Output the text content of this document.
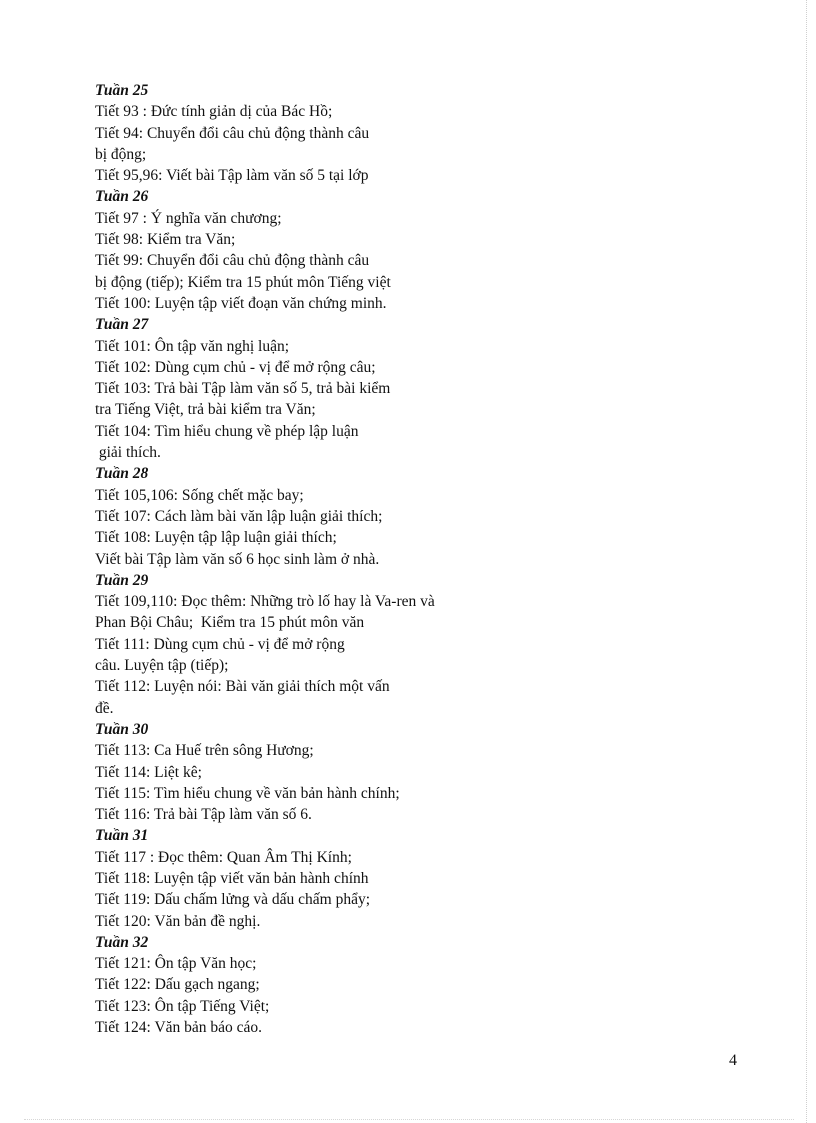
Tuần 25
Tiết 93 : Đức tính giản dị của Bác Hồ;
Tiết 94: Chuyển đổi câu chủ động thành câu
bị động;
Tiết 95,96: Viết bài Tập làm văn số 5 tại lớp
Tuần 26
Tiết 97 : Ý nghĩa văn chương;
Tiết 98: Kiểm tra Văn;
Tiết 99: Chuyển đổi câu chủ động thành câu
bị động (tiếp); Kiểm tra 15 phút môn Tiếng việt
Tiết 100: Luyện tập viết đoạn văn chứng minh.
Tuần 27
Tiết 101: Ôn tập văn nghị luận;
Tiết 102: Dùng cụm chủ - vị để mở rộng câu;
Tiết 103: Trả bài Tập làm văn số 5, trả bài kiểm
tra Tiếng Việt, trả bài kiểm tra Văn;
Tiết 104: Tìm hiểu chung về phép lập luận
giải thích.
Tuần 28
Tiết 105,106: Sống chết mặc bay;
Tiết 107: Cách làm bài văn lập luận giải thích;
Tiết 108: Luyện tập lập luận giải thích;
Viết bài Tập làm văn số 6 học sinh làm ở nhà.
Tuần 29
Tiết 109,110: Đọc thêm: Những trò lố hay là Va-ren và
Phan Bội Châu;  Kiểm tra 15 phút môn văn
Tiết 111: Dùng cụm chủ - vị để mở rộng
câu. Luyện tập (tiếp);
Tiết 112: Luyện nói: Bài văn giải thích một vấn
đề.
Tuần 30
Tiết 113: Ca Huế trên sông Hương;
Tiết 114: Liệt kê;
Tiết 115: Tìm hiểu chung về văn bản hành chính;
Tiết 116: Trả bài Tập làm văn số 6.
Tuần 31
Tiết 117 : Đọc thêm: Quan Âm Thị Kính;
Tiết 118: Luyện tập viết văn bản hành chính
Tiết 119: Dấu chấm lửng và dấu chấm phẩy;
Tiết 120: Văn bản đề nghị.
Tuần 32
Tiết 121: Ôn tập Văn học;
Tiết 122: Dấu gạch ngang;
Tiết 123: Ôn tập Tiếng Việt;
Tiết 124: Văn bản báo cáo.
4
